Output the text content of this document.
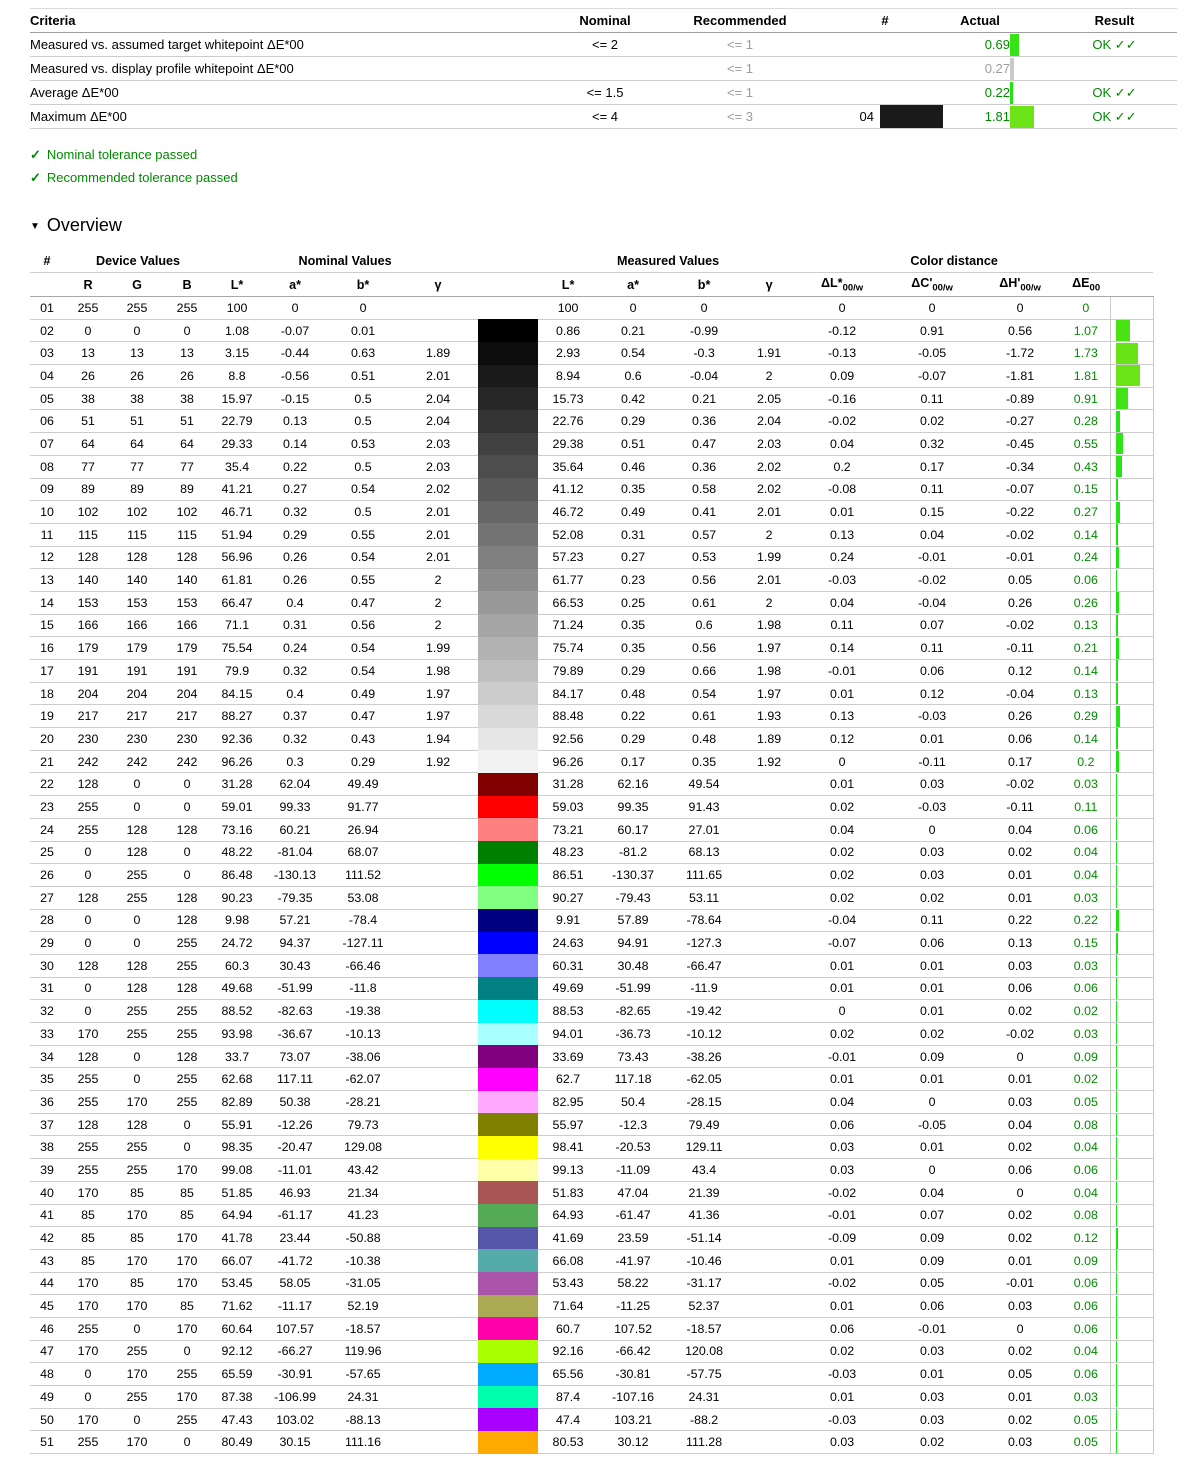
Criteria	Nominal	Recommended	#	Actual		Result
Measured vs. assumed target whitepoint ΔE*00	<= 2	<= 1		0.69		OK ✓✓
Measured vs. display profile whitepoint ΔE*00		<= 1		0.27	

Average ΔE*00	<= 1.5	<= 1		0.22		OK ✓✓
Maximum ΔE*00	<= 4	<= 3	04	1.81		OK ✓✓
✓ Nominal tolerance passed
✓ Recommended tolerance passed
▼ Overview
#	Device Values			Nominal Values					Measured Values				Color distance				
	R	G	B	L*	a*	b*	γ		L*	a*	b*	γ	$\Delta L*_{00/w}$	$\Delta C'_{00/w}$	$\Delta H'_{00/w}$	$\Delta E_{00}$	
01	255	255	255	100	0	0			100	0	0		0	0	0	0	
02	0	0	0	1.08	-0.07	0.01			0.86	0.21	-0.99		-0.12	0.91	0.56	1.07	

03	13	13	13	3.15	-0.44	0.63	1.89		2.93	0.54	-0.3	1.91	-0.13	-0.05	-1.72	1.73	

04	26	26	26	8.8	-0.56	0.51	2.01		8.94	0.6	-0.04	2	0.09	-0.07	-1.81	1.81	

05	38	38	38	15.97	-0.15	0.5	2.04		15.73	0.42	0.21	2.05	-0.16	0.11	-0.89	0.91	

06	51	51	51	22.79	0.13	0.5	2.04		22.76	0.29	0.36	2.04	-0.02	0.02	-0.27	0.28	

07	64	64	64	29.33	0.14	0.53	2.03		29.38	0.51	0.47	2.03	0.04	0.32	-0.45	0.55	

08	77	77	77	35.4	0.22	0.5	2.03		35.64	0.46	0.36	2.02	0.2	0.17	-0.34	0.43	

09	89	89	89	41.21	0.27	0.54	2.02		41.12	0.35	0.58	2.02	-0.08	0.11	-0.07	0.15	

10	102	102	102	46.71	0.32	0.5	2.01		46.72	0.49	0.41	2.01	0.01	0.15	-0.22	0.27	

11	115	115	115	51.94	0.29	0.55	2.01		52.08	0.31	0.57	2	0.13	0.04	-0.02	0.14	

12	128	128	128	56.96	0.26	0.54	2.01		57.23	0.27	0.53	1.99	0.24	-0.01	-0.01	0.24	

13	140	140	140	61.81	0.26	0.55	2		61.77	0.23	0.56	2.01	-0.03	-0.02	0.05	0.06	

14	153	153	153	66.47	0.4	0.47	2		66.53	0.25	0.61	2	0.04	-0.04	0.26	0.26	

15	166	166	166	71.1	0.31	0.56	2		71.24	0.35	0.6	1.98	0.11	0.07	-0.02	0.13	

16	179	179	179	75.54	0.24	0.54	1.99		75.74	0.35	0.56	1.97	0.14	0.11	-0.11	0.21	

17	191	191	191	79.9	0.32	0.54	1.98		79.89	0.29	0.66	1.98	-0.01	0.06	0.12	0.14	

18	204	204	204	84.15	0.4	0.49	1.97		84.17	0.48	0.54	1.97	0.01	0.12	-0.04	0.13	

19	217	217	217	88.27	0.37	0.47	1.97		88.48	0.22	0.61	1.93	0.13	-0.03	0.26	0.29	

20	230	230	230	92.36	0.32	0.43	1.94		92.56	0.29	0.48	1.89	0.12	0.01	0.06	0.14	

21	242	242	242	96.26	0.3	0.29	1.92		96.26	0.17	0.35	1.92	0	-0.11	0.17	0.2	

22	128	0	0	31.28	62.04	49.49			31.28	62.16	49.54		0.01	0.03	-0.02	0.03	

23	255	0	0	59.01	99.33	91.77			59.03	99.35	91.43		0.02	-0.03	-0.11	0.11	

24	255	128	128	73.16	60.21	26.94			73.21	60.17	27.01		0.04	0	0.04	0.06	

25	0	128	0	48.22	-81.04	68.07			48.23	-81.2	68.13		0.02	0.03	0.02	0.04	

26	0	255	0	86.48	-130.13	111.52			86.51	-130.37	111.65		0.02	0.03	0.01	0.04	

27	128	255	128	90.23	-79.35	53.08			90.27	-79.43	53.11		0.02	0.02	0.01	0.03	

28	0	0	128	9.98	57.21	-78.4			9.91	57.89	-78.64		-0.04	0.11	0.22	0.22	

29	0	0	255	24.72	94.37	-127.11			24.63	94.91	-127.3		-0.07	0.06	0.13	0.15	

30	128	128	255	60.3	30.43	-66.46			60.31	30.48	-66.47		0.01	0.01	0.03	0.03	

31	0	128	128	49.68	-51.99	-11.8			49.69	-51.99	-11.9		0.01	0.01	0.06	0.06	

32	0	255	255	88.52	-82.63	-19.38			88.53	-82.65	-19.42		0	0.01	0.02	0.02	

33	170	255	255	93.98	-36.67	-10.13			94.01	-36.73	-10.12		0.02	0.02	-0.02	0.03	

34	128	0	128	33.7	73.07	-38.06			33.69	73.43	-38.26		-0.01	0.09	0	0.09	

35	255	0	255	62.68	117.11	-62.07			62.7	117.18	-62.05		0.01	0.01	0.01	0.02	

36	255	170	255	82.89	50.38	-28.21			82.95	50.4	-28.15		0.04	0	0.03	0.05	

37	128	128	0	55.91	-12.26	79.73			55.97	-12.3	79.49		0.06	-0.05	0.04	0.08	

38	255	255	0	98.35	-20.47	129.08			98.41	-20.53	129.11		0.03	0.01	0.02	0.04	

39	255	255	170	99.08	-11.01	43.42			99.13	-11.09	43.4		0.03	0	0.06	0.06	

40	170	85	85	51.85	46.93	21.34			51.83	47.04	21.39		-0.02	0.04	0	0.04	

41	85	170	85	64.94	-61.17	41.23			64.93	-61.47	41.36		-0.01	0.07	0.02	0.08	

42	85	85	170	41.78	23.44	-50.88			41.69	23.59	-51.14		-0.09	0.09	0.02	0.12	

43	85	170	170	66.07	-41.72	-10.38			66.08	-41.97	-10.46		0.01	0.09	0.01	0.09	

44	170	85	170	53.45	58.05	-31.05			53.43	58.22	-31.17		-0.02	0.05	-0.01	0.06	

45	170	170	85	71.62	-11.17	52.19			71.64	-11.25	52.37		0.01	0.06	0.03	0.06	

46	255	0	170	60.64	107.57	-18.57			60.7	107.52	-18.57		0.06	-0.01	0	0.06	

47	170	255	0	92.12	-66.27	119.96			92.16	-66.42	120.08		0.02	0.03	0.02	0.04	

48	0	170	255	65.59	-30.91	-57.65			65.56	-30.81	-57.75		-0.03	0.01	0.05	0.06	

49	0	255	170	87.38	-106.99	24.31			87.4	-107.16	24.31		0.01	0.03	0.01	0.03	

50	170	0	255	47.43	103.02	-88.13			47.4	103.21	-88.2		-0.03	0.03	0.02	0.05	

51	255	170	0	80.49	30.15	111.16			80.53	30.12	111.28		0.03	0.02	0.03	0.05	
